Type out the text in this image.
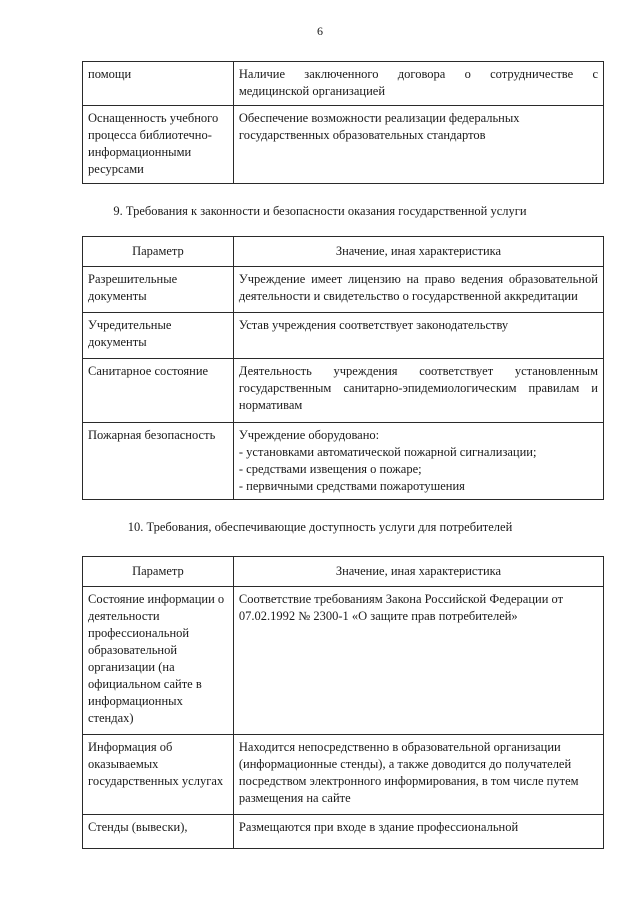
6
помощи	Наличие заключенного договора о сотрудничестве с
медицинской организацией

Оснащенность учебного процесса библиотечно-информационными ресурсами	Обеспечение возможности реализации федеральных государственных образовательных стандартов
9. Требования к законности и безопасности оказания государственной услуги
Параметр	Значение, иная характеристика
Разрешительные документы	Учреждение имеет лицензию на право ведения образовательной деятельности и свидетельство о государственной аккредитации
Учредительные документы	Устав учреждения соответствует законодательству
Санитарное состояние	Деятельность учреждения соответствует установленным государственным санитарно-эпидемиологическим правилам и нормативам
Пожарная безопасность	Учреждение оборудовано:
- установками автоматической пожарной сигнализации;
- средствами извещения о пожаре;
- первичными средствами пожаротушения
10. Требования, обеспечивающие доступность услуги для потребителей
Параметр	Значение, иная характеристика
Состояние информации о деятельности профессиональной образовательной организации (на официальном сайте в информационных стендах)	Соответствие требованиям Закона Российской Федерации от 07.02.1992 № 2300-1 «О защите прав потребителей»
Информация об оказываемых государственных услугах	Находится непосредственно в образовательной организации (информационные стенды), а также доводится до получателей посредством электронного информирования, в том числе путем размещения на сайте
Стенды (вывески),	Размещаются при входе в здание профессиональной
